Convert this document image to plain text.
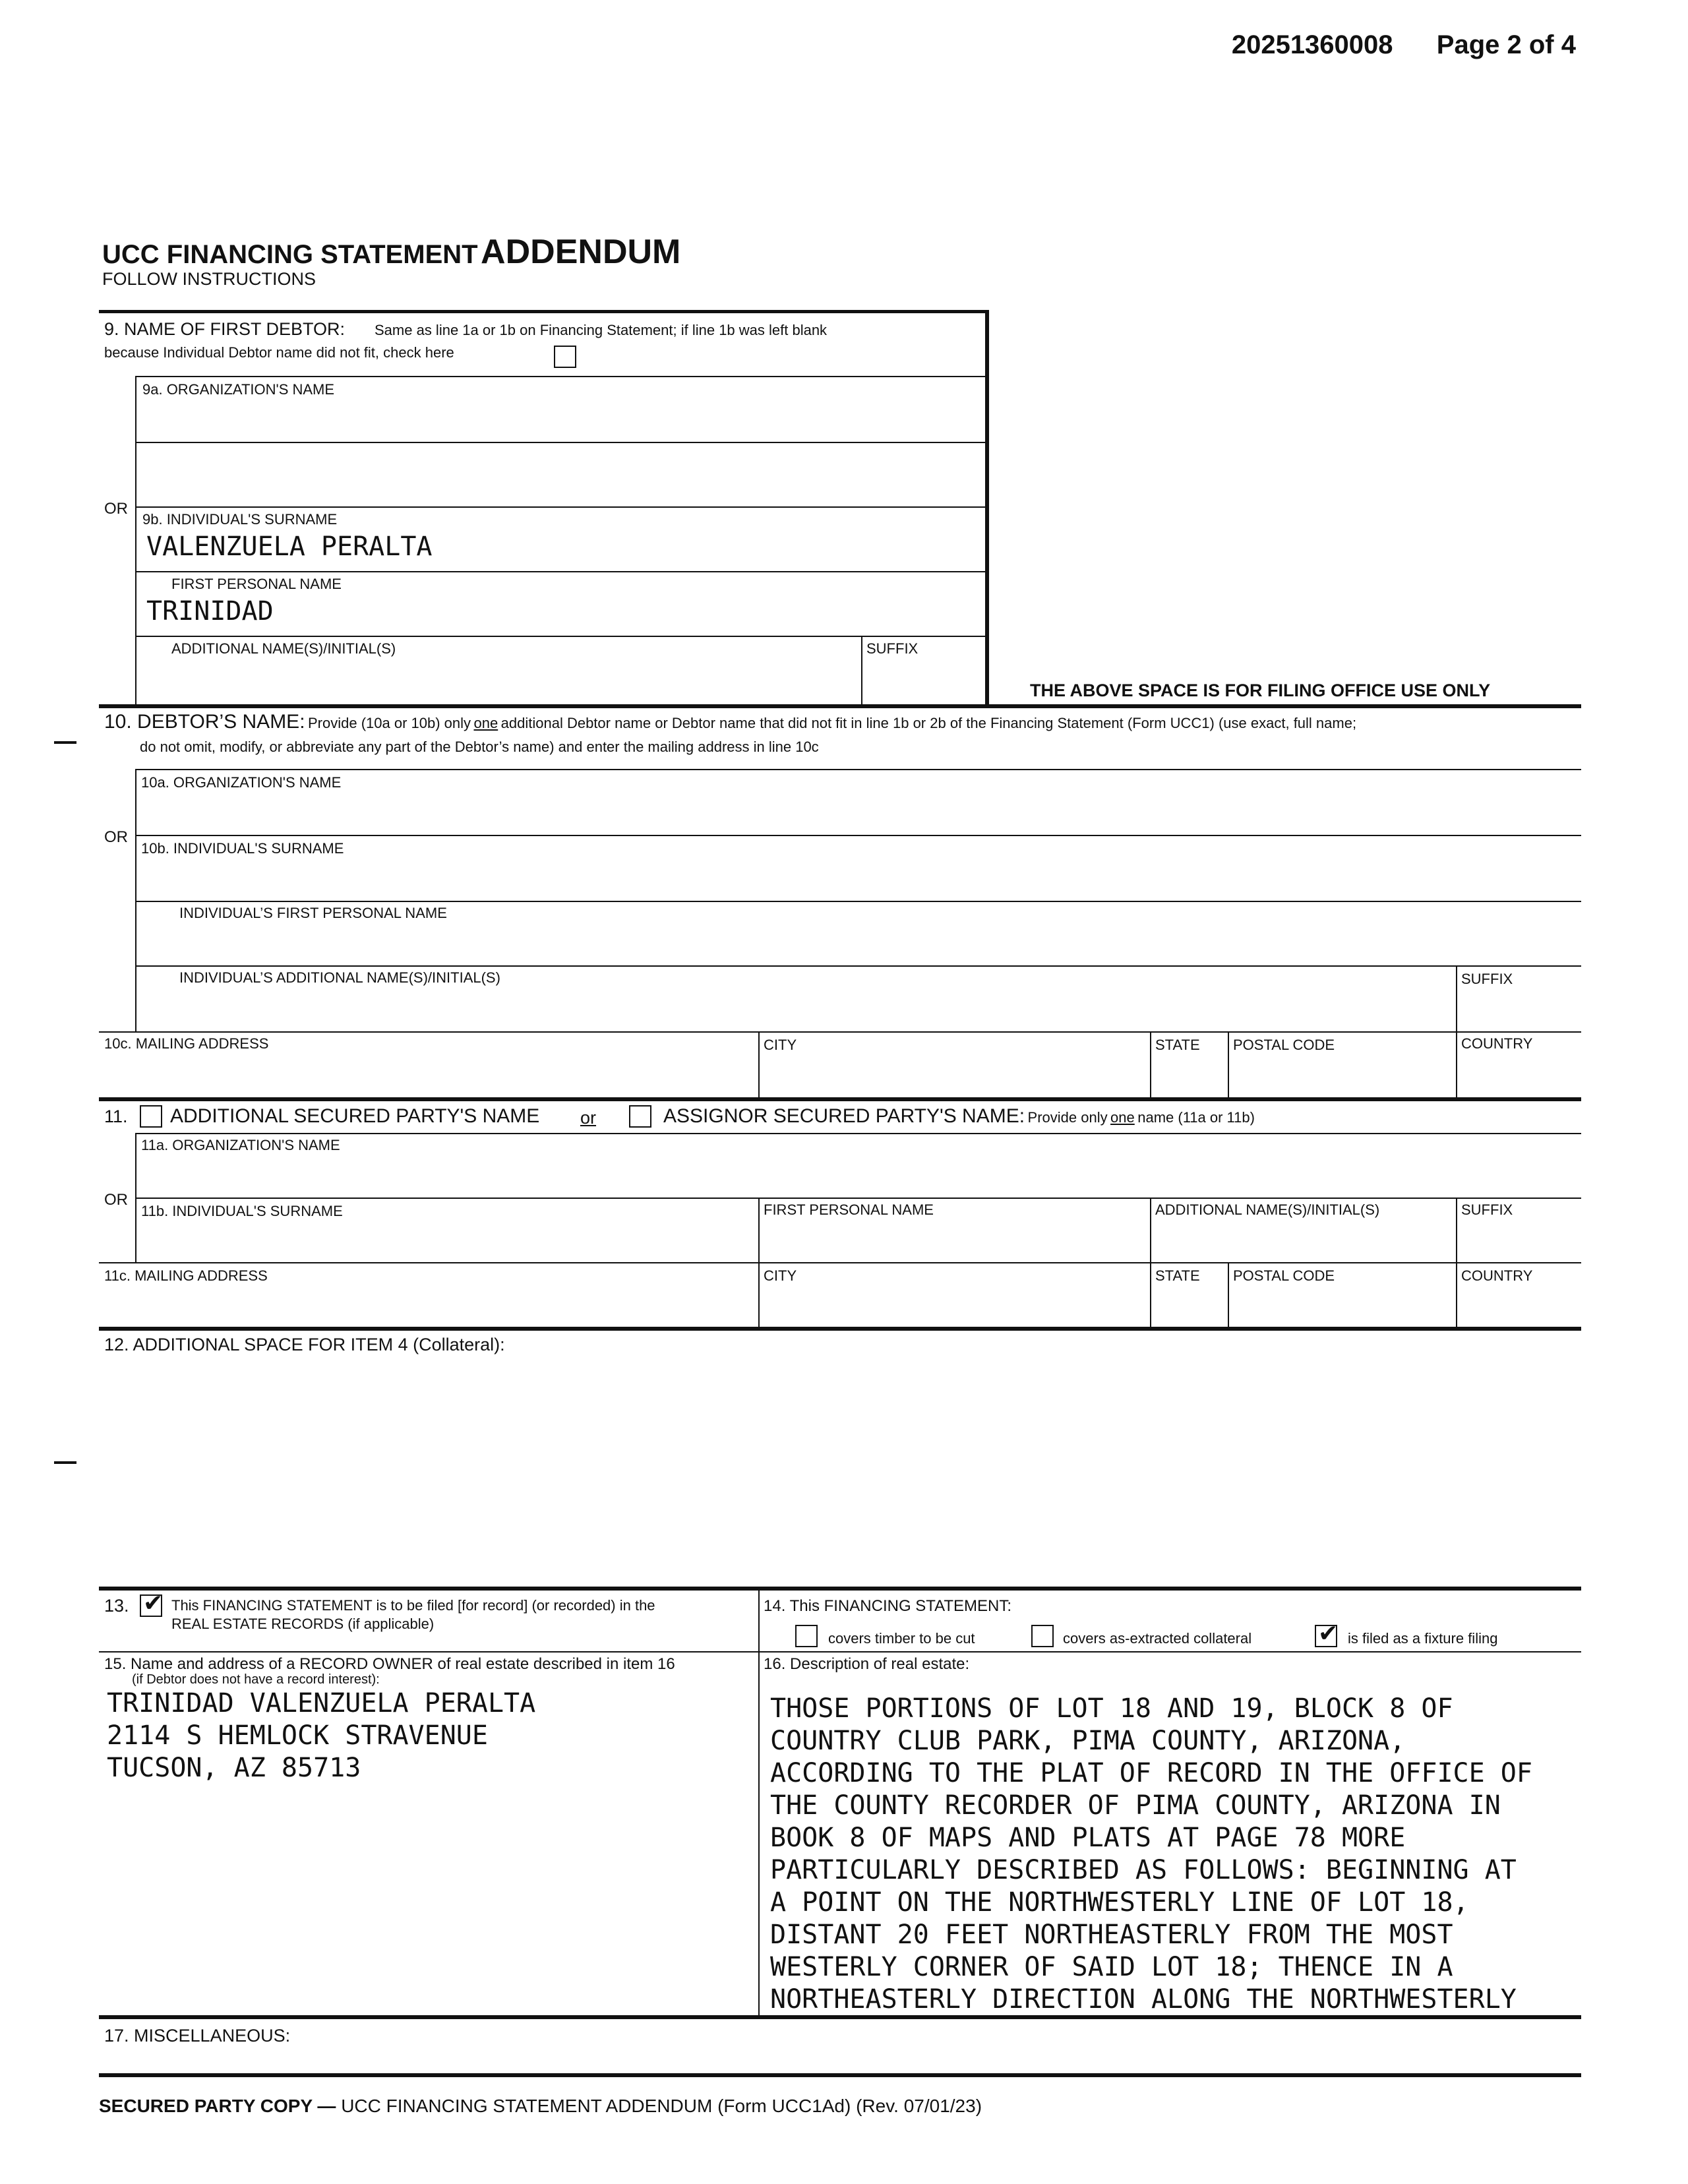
20251360008 Page 2 of 4
UCC FINANCING STATEMENT ADDENDUM
FOLLOW INSTRUCTIONS
9. NAME OF FIRST DEBTOR: Same as line 1a or 1b on Financing Statement; if line 1b was left blank
because Individual Debtor name did not fit, check here
9a. ORGANIZATION'S NAME
OR
9b. INDIVIDUAL'S SURNAME
VALENZUELA PERALTA
FIRST PERSONAL NAME
TRINIDAD
ADDITIONAL NAME(S)/INITIAL(S)	SUFFIX
THE ABOVE SPACE IS FOR FILING OFFICE USE ONLY
10. DEBTOR’S NAME: Provide (10a or 10b) only one additional Debtor name or Debtor name that did not fit in line 1b or 2b of the Financing Statement (Form UCC1) (use exact, full name;
do not omit, modify, or abbreviate any part of the Debtor’s name) and enter the mailing address in line 10c
10a. ORGANIZATION'S NAME
OR
10b. INDIVIDUAL'S SURNAME
INDIVIDUAL’S FIRST PERSONAL NAME
INDIVIDUAL’S ADDITIONAL NAME(S)/INITIAL(S)	SUFFIX
10c. MAILING ADDRESS	CITY	STATE POSTAL CODE	COUNTRY
11. ADDITIONAL SECURED PARTY'S NAME or	ASSIGNOR SECURED PARTY'S NAME: Provide only one name (11a or 11b)
11a. ORGANIZATION'S NAME
OR
11b. INDIVIDUAL'S SURNAME	FIRST PERSONAL NAME	ADDITIONAL NAME(S)/INITIAL(S)	SUFFIX
11c. MAILING ADDRESS	CITY	STATE POSTAL CODE	COUNTRY
12. ADDITIONAL SPACE FOR ITEM 4 (Collateral):
13. ✔ This FINANCING STATEMENT is to be filed [for record] (or recorded) in the
REAL ESTATE RECORDS (if applicable)
14. This FINANCING STATEMENT:
covers timber to be cut	covers as-extracted collateral	✔ is filed as a fixture filing
15. Name and address of a RECORD OWNER of real estate described in item 16
(if Debtor does not have a record interest):
TRINIDAD VALENZUELA PERALTA
2114 S HEMLOCK STRAVENUE
TUCSON, AZ 85713
16. Description of real estate:
THOSE PORTIONS OF LOT 18 AND 19, BLOCK 8 OF
COUNTRY CLUB PARK, PIMA COUNTY, ARIZONA,
ACCORDING TO THE PLAT OF RECORD IN THE OFFICE OF
THE COUNTY RECORDER OF PIMA COUNTY, ARIZONA IN
BOOK 8 OF MAPS AND PLATS AT PAGE 78 MORE
PARTICULARLY DESCRIBED AS FOLLOWS: BEGINNING AT
A POINT ON THE NORTHWESTERLY LINE OF LOT 18,
DISTANT 20 FEET NORTHEASTERLY FROM THE MOST
WESTERLY CORNER OF SAID LOT 18; THENCE IN A
NORTHEASTERLY DIRECTION ALONG THE NORTHWESTERLY
17. MISCELLANEOUS:
SECURED PARTY COPY — UCC FINANCING STATEMENT ADDENDUM (Form UCC1Ad) (Rev. 07/01/23)
